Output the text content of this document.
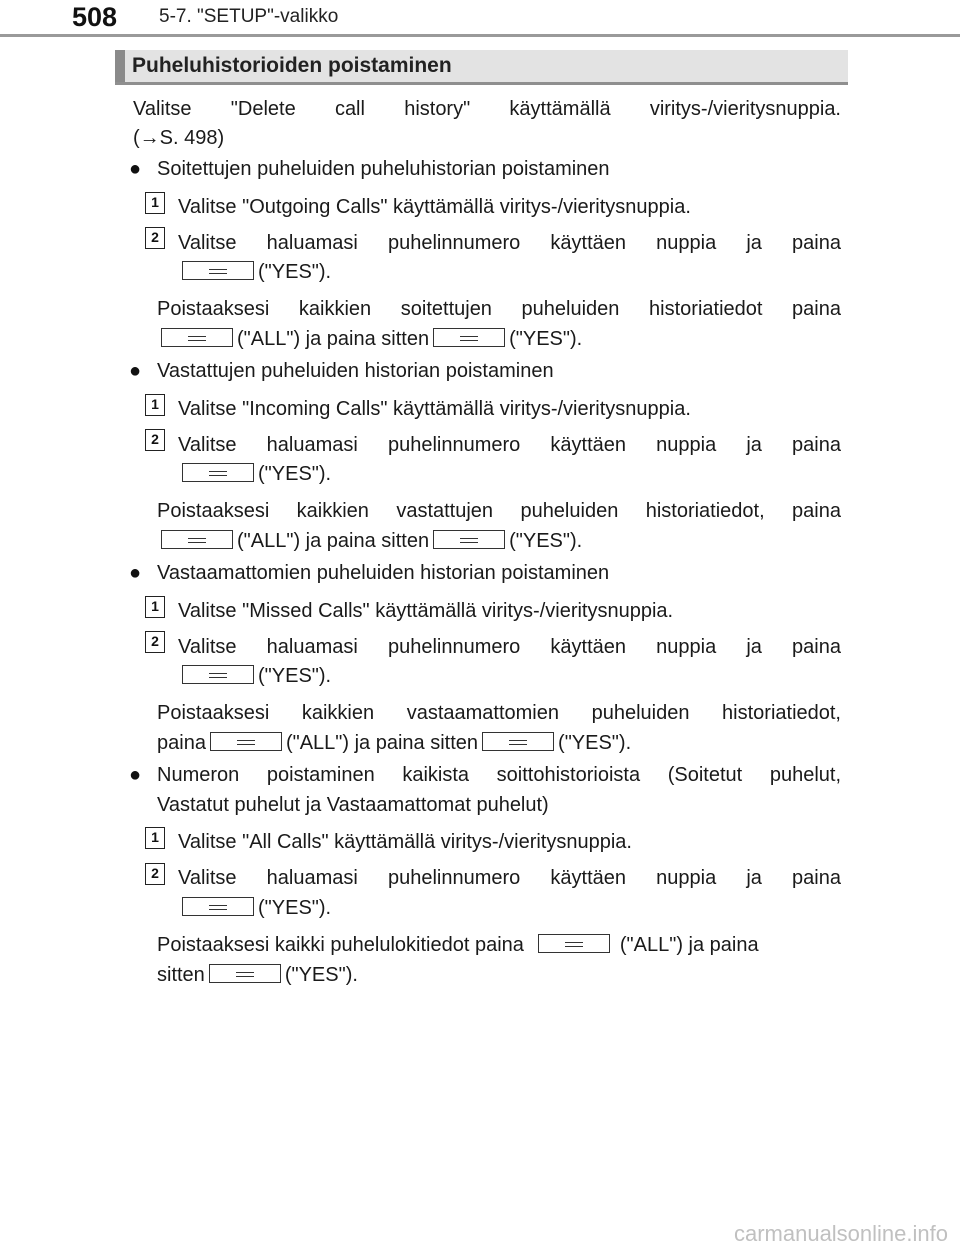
508 5-7. "SETUP"-valikko
Puheluhistorioiden poistaminen
Valitse "Delete call history" käyttämällä viritys-/vieritysnuppia.
(→S. 498)
● Soitettujen puheluiden puheluhistorian poistaminen
1 Valitse "Outgoing Calls" käyttämällä viritys-/vieritysnuppia.
2 Valitse haluamasi puhelinnumero käyttäen nuppia ja paina
("YES").
Poistaaksesi kaikkien soitettujen puheluiden historiatiedot paina
("ALL") ja paina sitten	("YES").
● Vastattujen puheluiden historian poistaminen
1 Valitse "Incoming Calls" käyttämällä viritys-/vieritysnuppia.
2 Valitse haluamasi puhelinnumero käyttäen nuppia ja paina
("YES").
Poistaaksesi kaikkien vastattujen puheluiden historiatiedot, paina
("ALL") ja paina sitten	("YES").
● Vastaamattomien puheluiden historian poistaminen
1 Valitse "Missed Calls" käyttämällä viritys-/vieritysnuppia.
2 Valitse haluamasi puhelinnumero käyttäen nuppia ja paina
("YES").
Poistaaksesi kaikkien vastaamattomien puheluiden historiatiedot,
paina	("ALL") ja paina sitten	("YES").
● Numeron poistaminen kaikista soittohistorioista (Soitetut puhelut,
Vastatut puhelut ja Vastaamattomat puhelut)
1 Valitse "All Calls" käyttämällä viritys-/vieritysnuppia.
2 Valitse haluamasi puhelinnumero käyttäen nuppia ja paina
("YES").
Poistaaksesi kaikki puhelulokitiedot paina	("ALL") ja paina
sitten	("YES").
carmanualsonline.info
